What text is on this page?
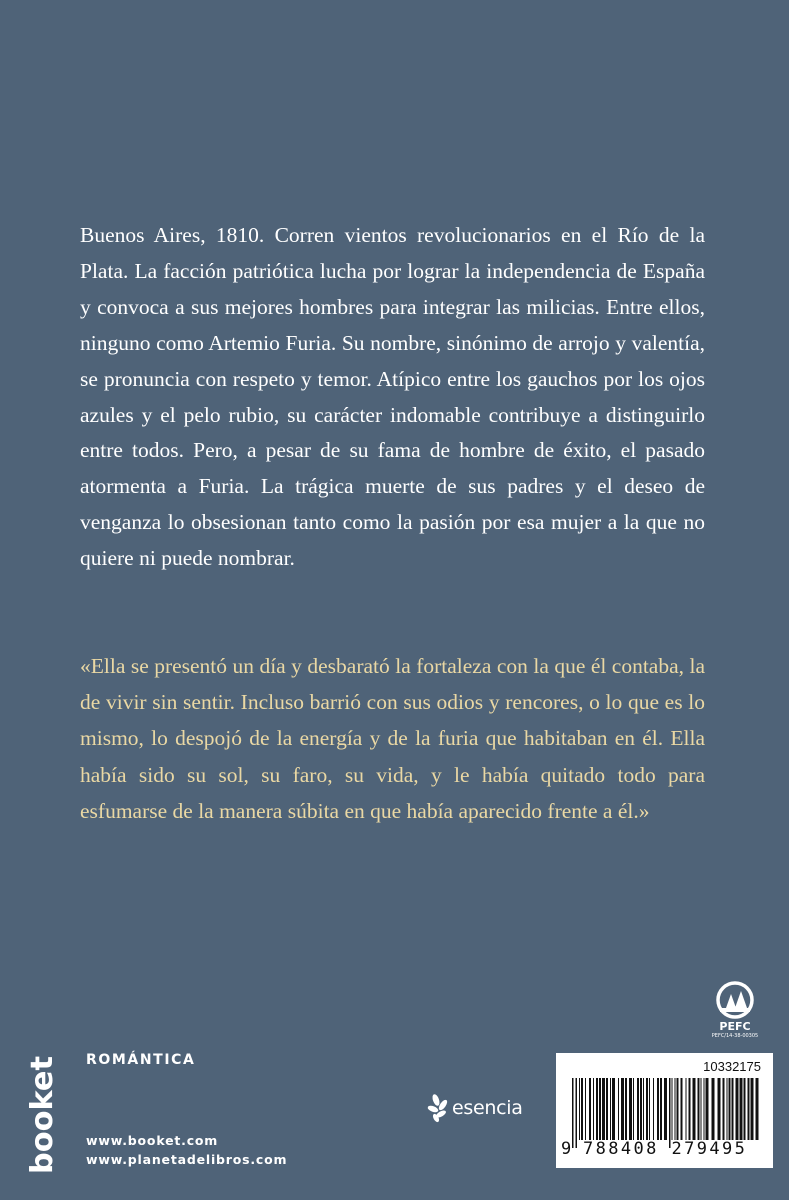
Buenos Aires, 1810. Corren vientos revolucionarios en el Río de la Plata. La facción patriótica lucha por lograr la independencia de España y convoca a sus mejores hombres para integrar las milicias. Entre ellos, ninguno como Artemio Furia. Su nombre, sinónimo de arrojo y valentía, se pronuncia con respeto y temor. Atípico entre los gauchos por los ojos azules y el pelo rubio, su carácter indomable contribuye a distinguirlo entre todos. Pero, a pesar de su fama de hombre de éxito, el pasado atormenta a Furia. La trágica muerte de sus padres y el deseo de venganza lo obsesionan tanto como la pasión por esa mujer a la que no quiere ni puede nombrar.

«Ella se presentó un día y desbarató la fortaleza con la que él contaba, la de vivir sin sentir. Incluso barrió con sus odios y rencores, o lo que es lo mismo, lo despojó de la energía y de la furia que habitaban en él. Ella había sido su sol, su faro, su vida, y le había quitado todo para esfumarse de la manera súbita en que había aparecido frente a él.»

booket ROMÁNTICA
www.booket.com
www.planetadelibros.com
esencia
PEFC
PEFC/14-38-00305
10332175
9 788408 279495
